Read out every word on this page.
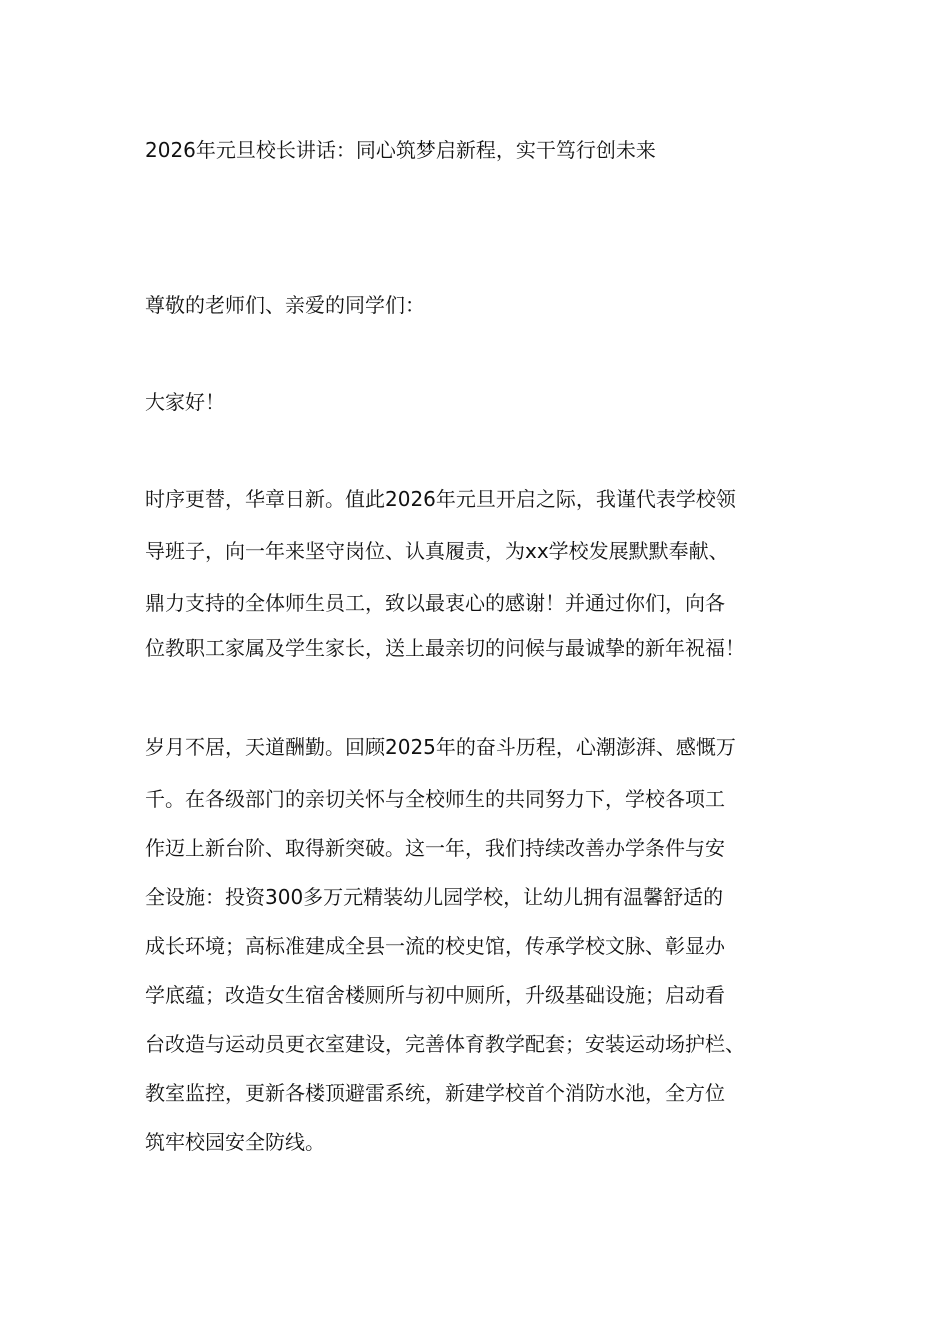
2026年元旦校长讲话：同心筑梦启新程，实干笃行创未来
尊敬的老师们、亲爱的同学们：
大家好！
时序更替，华章日新。值此2026年元旦开启之际，我谨代表学校领
导班子，向一年来坚守岗位、认真履责，为xx学校发展默默奉献、
鼎力支持的全体师生员工，致以最衷心的感谢！并通过你们，向各
位教职工家属及学生家长，送上最亲切的问候与最诚挚的新年祝福！
岁月不居，天道酬勤。回顾2025年的奋斗历程，心潮澎湃、感慨万
千。在各级部门的亲切关怀与全校师生的共同努力下，学校各项工
作迈上新台阶、取得新突破。这一年，我们持续改善办学条件与安
全设施：投资300多万元精装幼儿园学校，让幼儿拥有温馨舒适的
成长环境；高标准建成全县一流的校史馆，传承学校文脉、彰显办
学底蕴；改造女生宿舍楼厕所与初中厕所，升级基础设施；启动看
台改造与运动员更衣室建设，完善体育教学配套；安装运动场护栏、
教室监控，更新各楼顶避雷系统，新建学校首个消防水池，全方位
筑牢校园安全防线。
